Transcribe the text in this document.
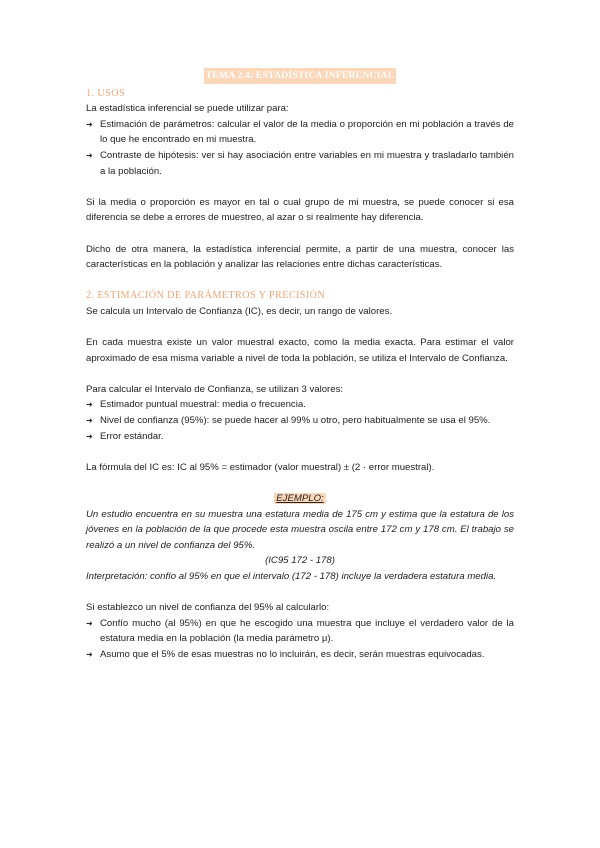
TEMA 2.4: ESTADÍSTICA INFERENCIAL
1. USOS

La estadística inferencial se puede utilizar para:

➜ Estimación de parámetros: calcular el valor de la media o proporción en mi población a través de lo que he encontrado en mi muestra.
➜ Contraste de hipótesis: ver si hay asociación entre variables en mi muestra y trasladarlo también a la población.

Si la media o proporción es mayor en tal o cual grupo de mi muestra, se puede conocer si esa diferencia se debe a errores de muestreo, al azar o si realmente hay diferencia.

Dicho de otra manera, la estadística inferencial permite, a partir de una muestra, conocer las características en la población y analizar las relaciones entre dichas características.

2. ESTIMACIÓN DE PARÁMETROS Y PRECISIÓN

Se calcula un Intervalo de Confianza (IC), es decir, un rango de valores.

En cada muestra existe un valor muestral exacto, como la media exacta. Para estimar el valor aproximado de esa misma variable a nivel de toda la población, se utiliza el Intervalo de Confianza.

Para calcular el Intervalo de Confianza, se utilizan 3 valores:

➜ Estimador puntual muestral: media o frecuencia.
➜ Nivel de confianza (95%): se puede hacer al 99% u otro, pero habitualmente se usa el 95%.
➜ Error estándar.

La fórmula del IC es: IC al 95% = estimador (valor muestral) ± (2 · error muestral).

EJEMPLO:

Un estudio encuentra en su muestra una estatura media de 175 cm y estima que la estatura de los jóvenes en la población de la que procede esta muestra oscila entre 172 cm y 178 cm. El trabajo se realizó a un nivel de confianza del 95%.

(IC95 172 - 178)

Interpretación: confío al 95% en que el intervalo (172 - 178) incluye la verdadera estatura media.

Si establezco un nivel de confianza del 95% al calcularlo:

➜ Confío mucho (al 95%) en que he escogido una muestra que incluye el verdadero valor de la estatura media en la población (la media parámetro μ).
➜ Asumo que el 5% de esas muestras no lo incluirán, es decir, serán muestras equivocadas.
